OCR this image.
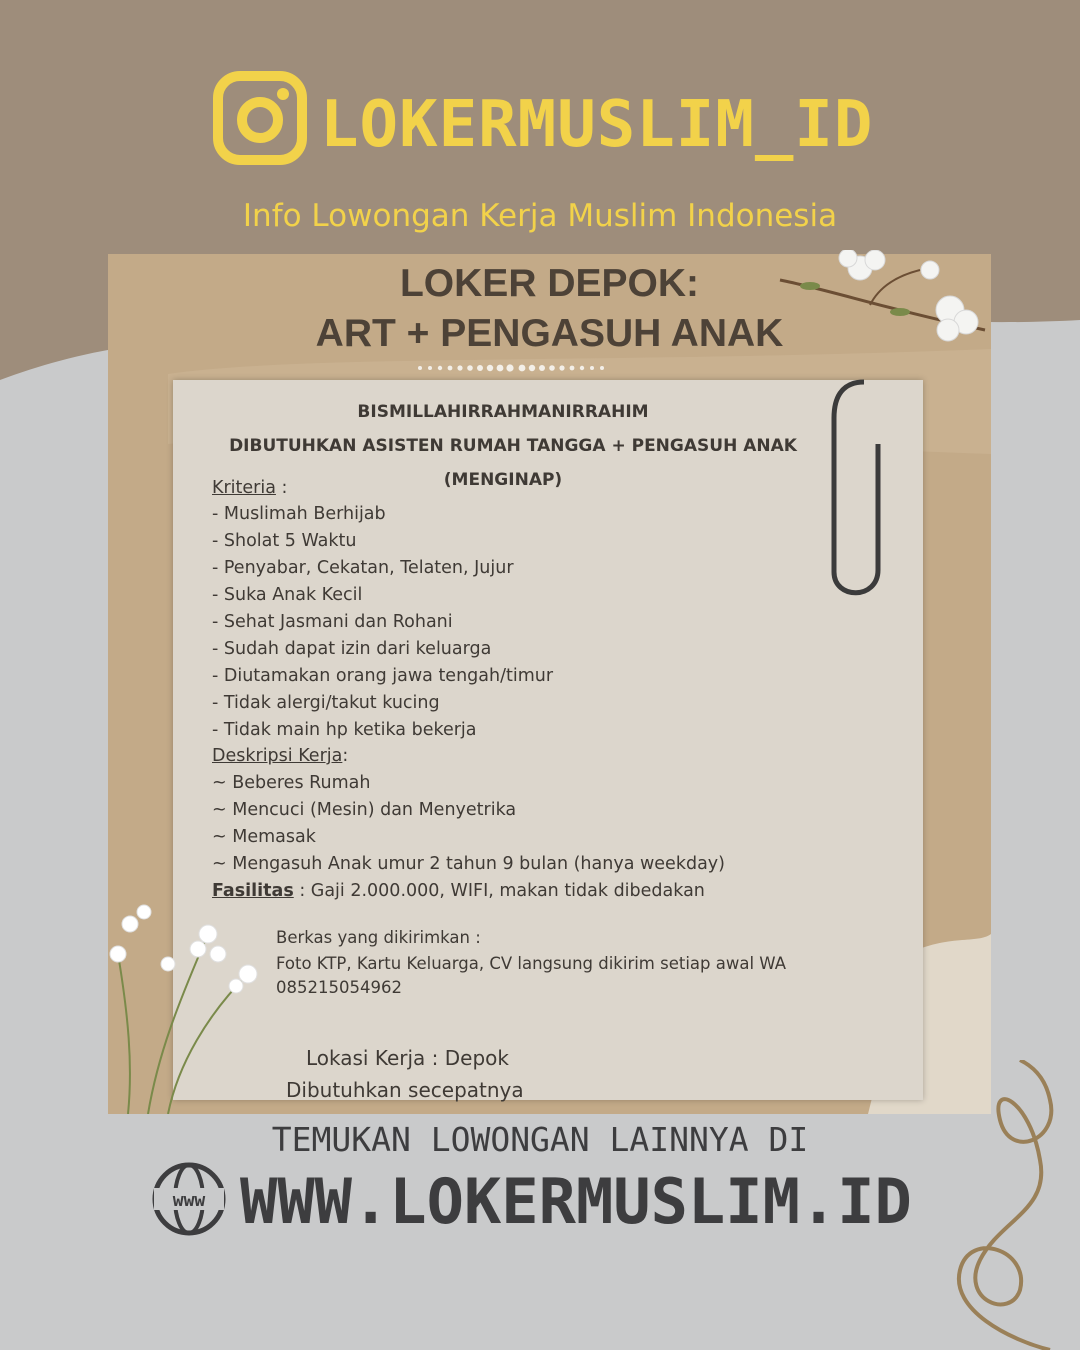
LOKERMUSLIM_ID
Info Lowongan Kerja Muslim Indonesia
LOKER DEPOK:
ART + PENGASUH ANAK
BISMILLAHIRRAHMANIRRAHIM
DIBUTUHKAN ASISTEN RUMAH TANGGA + PENGASUH ANAK
(MENGINAP)
Kriteria :
- Muslimah Berhijab
- Sholat 5 Waktu
- Penyabar, Cekatan, Telaten, Jujur
- Suka Anak Kecil
- Sehat Jasmani dan Rohani
- Sudah dapat izin dari keluarga
- Diutamakan orang jawa tengah/timur
- Tidak alergi/takut kucing
- Tidak main hp ketika bekerja
Deskripsi Kerja:
~ Beberes Rumah
~ Mencuci (Mesin) dan Menyetrika
~ Memasak
~ Mengasuh Anak umur 2 tahun 9 bulan (hanya weekday)
Fasilitas : Gaji 2.000.000, WIFI, makan tidak dibedakan
Berkas yang dikirimkan :
Foto KTP, Kartu Keluarga, CV langsung dikirim setiap awal WA
085215054962
Lokasi Kerja : Depok
Dibutuhkan secepatnya
TEMUKAN LOWONGAN LAINNYA DI
www WWW.LOKERMUSLIM.ID
